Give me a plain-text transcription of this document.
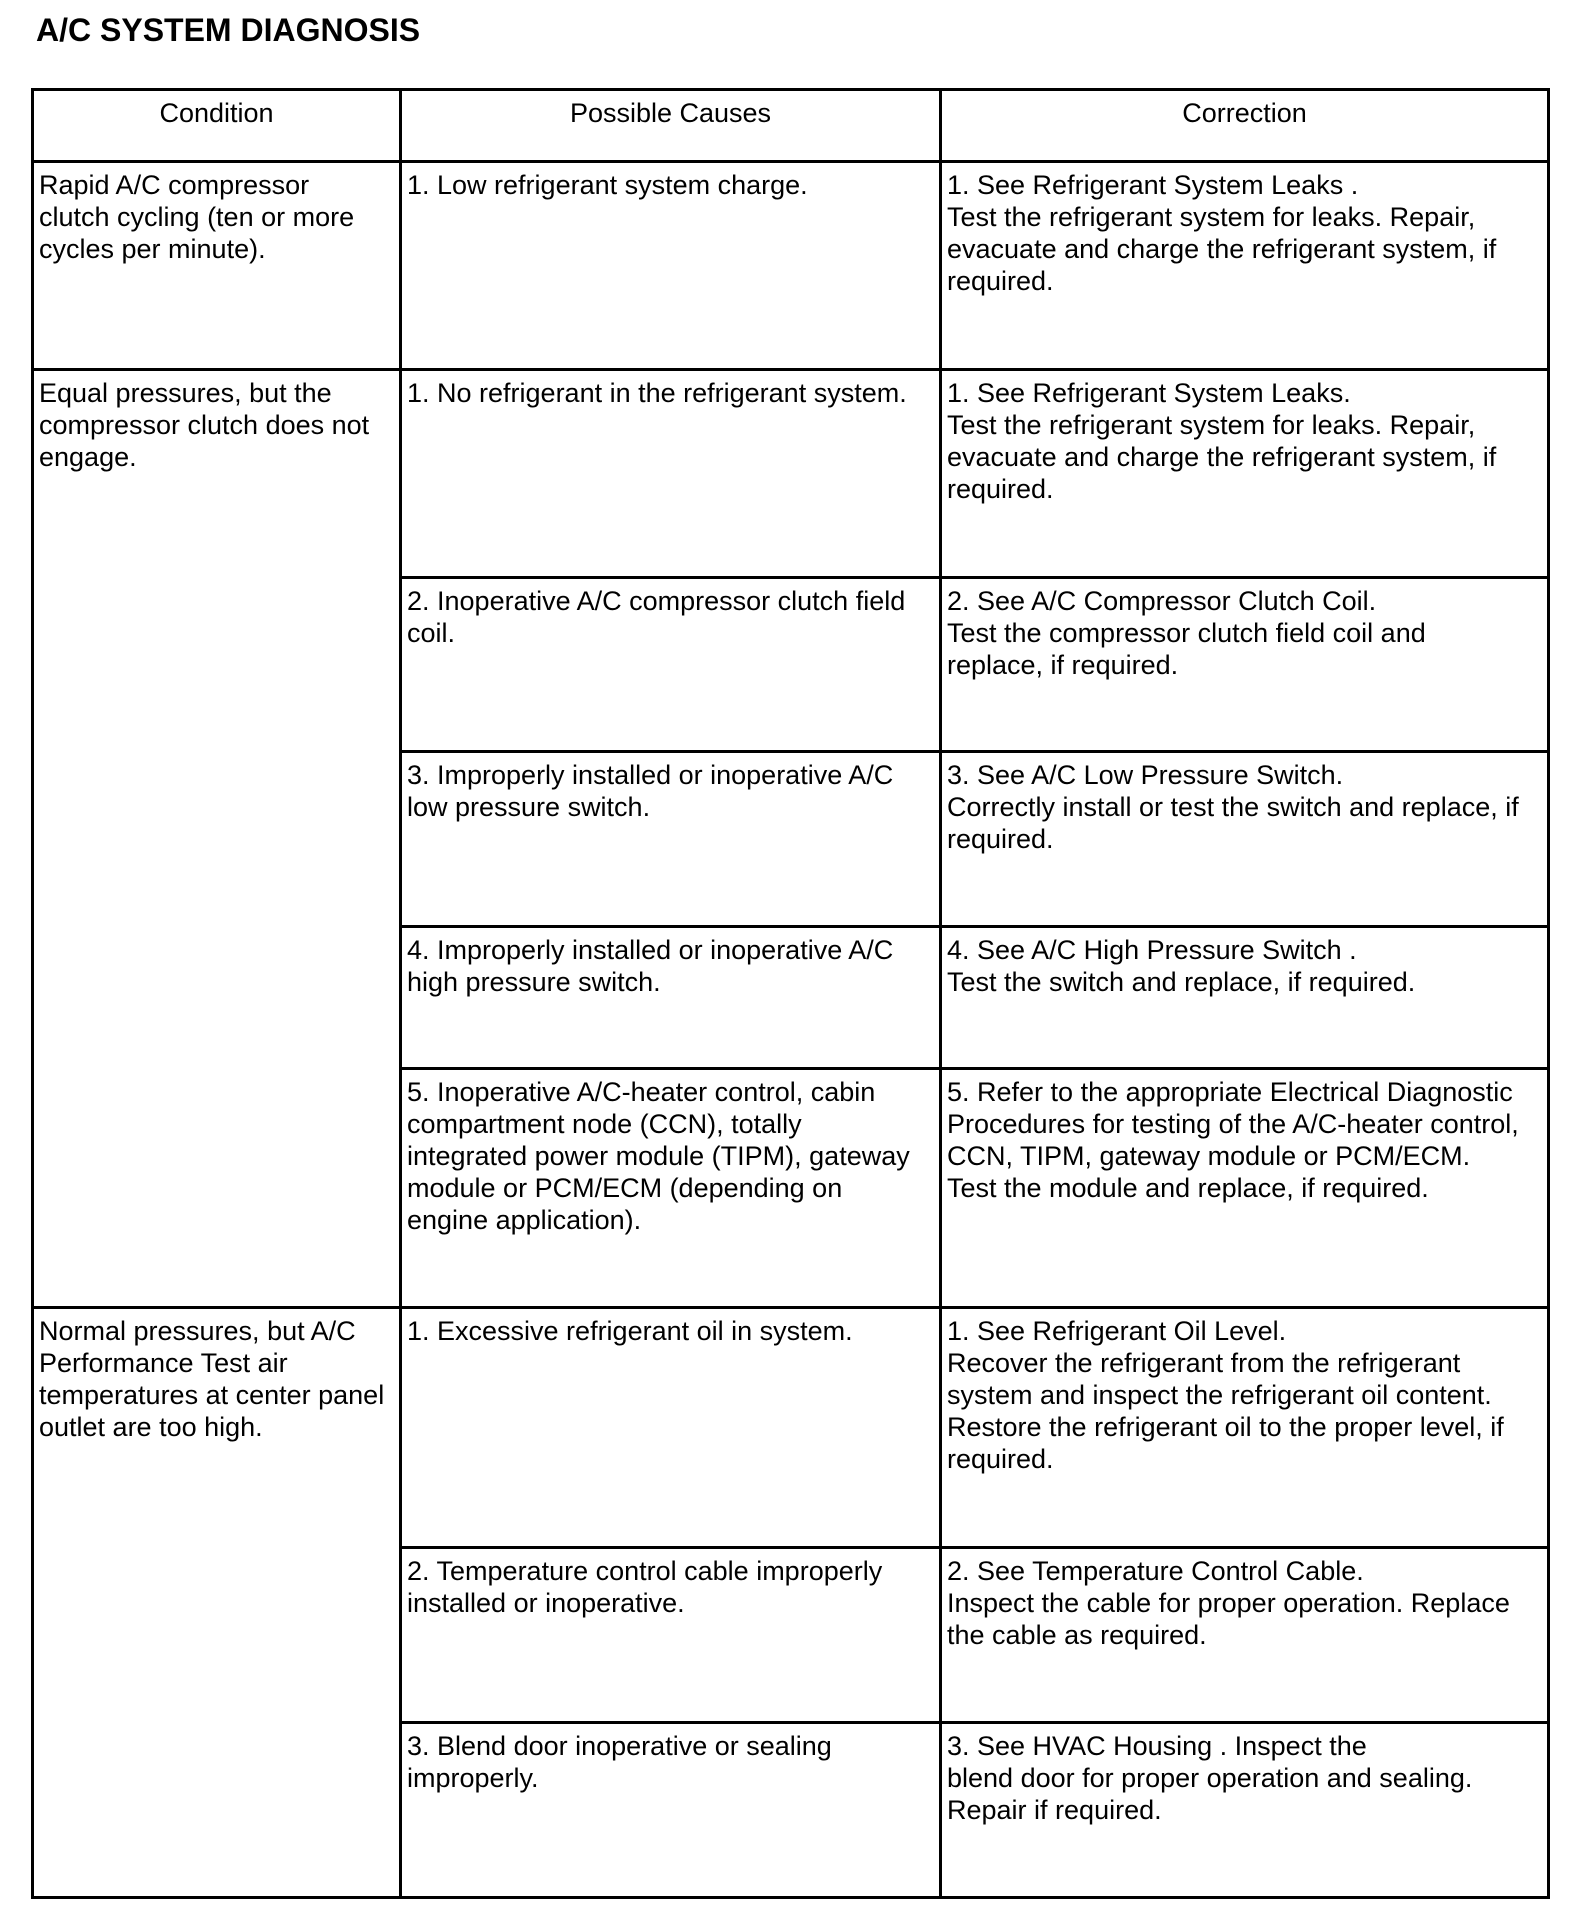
A/C SYSTEM DIAGNOSIS
Condition	Possible Causes	Correction
Rapid A/C compressor
clutch cycling (ten or more
cycles per minute).	1. Low refrigerant system charge.	1. See Refrigerant System Leaks .
Test the refrigerant system for leaks. Repair,
evacuate and charge the refrigerant system, if
required.
Equal pressures, but the
compressor clutch does not
engage.	1. No refrigerant in the refrigerant system.	1. See Refrigerant System Leaks.
Test the refrigerant system for leaks. Repair,
evacuate and charge the refrigerant system, if
required.
	2. Inoperative A/C compressor clutch field
coil.	2. See A/C Compressor Clutch Coil.
Test the compressor clutch field coil and
replace, if required.
	3. Improperly installed or inoperative A/C
low pressure switch.	3. See A/C Low Pressure Switch.
Correctly install or test the switch and replace, if
required.
	4. Improperly installed or inoperative A/C
high pressure switch.	4. See A/C High Pressure Switch .
Test the switch and replace, if required.
	5. Inoperative A/C-heater control, cabin
compartment node (CCN), totally
integrated power module (TIPM), gateway
module or PCM/ECM (depending on
engine application).	5. Refer to the appropriate Electrical Diagnostic
Procedures for testing of the A/C-heater control,
CCN, TIPM, gateway module or PCM/ECM.
Test the module and replace, if required.
Normal pressures, but A/C
Performance Test air
temperatures at center panel
outlet are too high.	1. Excessive refrigerant oil in system.	1. See Refrigerant Oil Level.
Recover the refrigerant from the refrigerant
system and inspect the refrigerant oil content.
Restore the refrigerant oil to the proper level, if
required.
	2. Temperature control cable improperly
installed or inoperative.	2. See Temperature Control Cable.
Inspect the cable for proper operation. Replace
the cable as required.
	3. Blend door inoperative or sealing
improperly.	3. See HVAC Housing . Inspect the
blend door for proper operation and sealing.
Repair if required.
